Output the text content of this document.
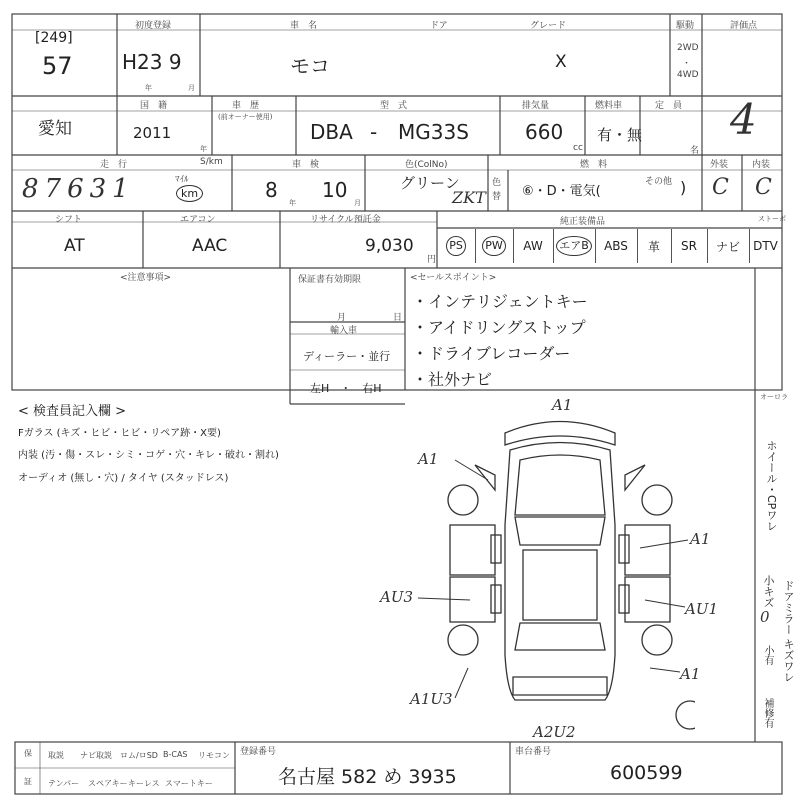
[249]
57
初度登録
H23 9
年	月
車　名
モコ
ドア	グレード
X
駆動
2WD
・
4WD
評価点
4
愛知
国　籍
2011
年
車　歴
(前オーナー使用)
型　式
DBA - MG33S
排気量
660
cc
燃料車
有・無
定　員
名
走　行	S/km
87631	ﾏｲﾙ
km
車　検
8
年
10
月
色(ColNo)
グリーン
ZKT
色替
燃　料
⑥・D・電気(
その他 )
外装
C
内装
C
シフト
AT
エアコン
AAC
リサイクル預託金
9,030
円
純正装備品	ストーポ
PS PW AW エアB ABS 革 SR ナビ DTV
<注意事項>	保証書有効期限
月	日
輸入車
ディーラー・並行
左H　・　右H
<セールスポイント>
・インテリジェントキー
・アイドリングストップ
・ドライブレコーダー
・社外ナビ
オーロラ
< 検査員記入欄 >
Fガラス (キズ・ヒビ・ヒビ・リペア跡・X要)
内装 (汚・傷・スレ・シミ・コゲ・穴・キレ・破れ・割れ)
オーディオ (無し・穴) / タイヤ (スタッドレス)
A1
A1
A1
AU3
AU1
A1
A1U3
A2U2
ホイール・CPワレ
小キズ
0 ドアミラー キズワレ
小有
補修有
保 取説 ナビ取説 ロム/ロSD B-CAS リモコン
証 テンパー スペアキー キーレス スマートキー
登録番号
名古屋 582 め 3935
車台番号
600599
